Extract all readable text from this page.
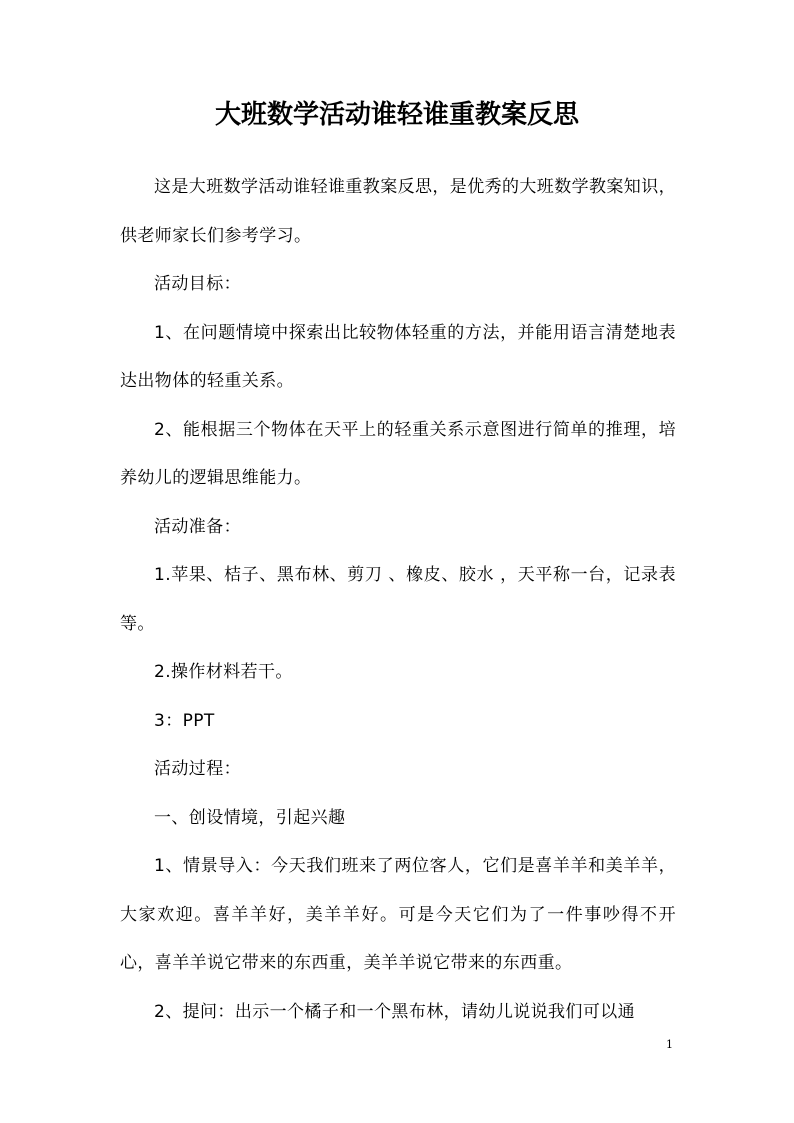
大班数学活动谁轻谁重教案反思

这是大班数学活动谁轻谁重教案反思，是优秀的大班数学教案知识，供老师家长们参考学习。

活动目标：

1、在问题情境中探索出比较物体轻重的方法，并能用语言清楚地表达出物体的轻重关系。

2、能根据三个物体在天平上的轻重关系示意图进行简单的推理，培养幼儿的逻辑思维能力。

活动准备：

1.苹果、桔子、黑布林、剪刀 、橡皮、胶水 ，天平称一台，记录表等。

2.操作材料若干。

3：PPT

活动过程：

一、创设情境，引起兴趣

1、情景导入：今天我们班来了两位客人，它们是喜羊羊和美羊羊，大家欢迎。喜羊羊好，美羊羊好。可是今天它们为了一件事吵得不开心，喜羊羊说它带来的东西重，美羊羊说它带来的东西重。

2、提问：出示一个橘子和一个黑布林，请幼儿说说我们可以通

1
